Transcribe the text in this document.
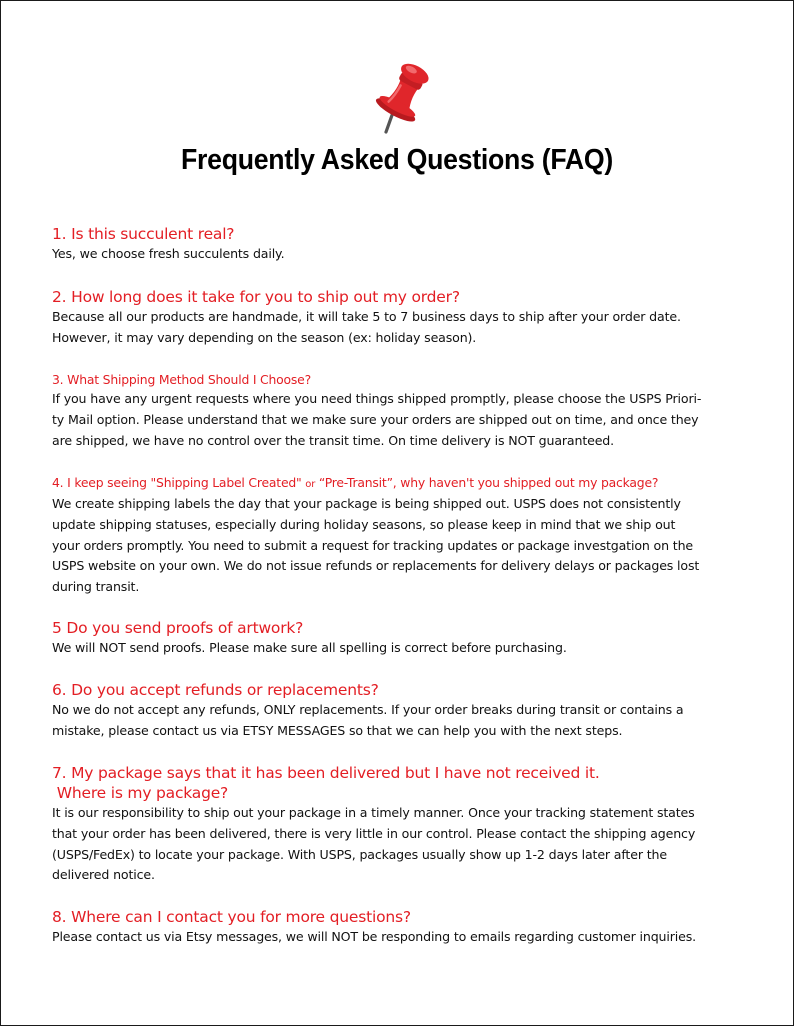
Frequently Asked Questions (FAQ)
1. Is this succulent real?
Yes, we choose fresh succulents daily.
2. How long does it take for you to ship out my order?
Because all our products are handmade, it will take 5 to 7 business days to ship after your order date.
However, it may vary depending on the season (ex: holiday season).
3. What Shipping Method Should I Choose?
If you have any urgent requests where you need things shipped promptly, please choose the USPS Priori-
ty Mail option. Please understand that we make sure your orders are shipped out on time, and once they
are shipped, we have no control over the transit time. On time delivery is NOT guaranteed.
4. I keep seeing "Shipping Label Created" or “Pre-Transit”, why haven't you shipped out my package?
We create shipping labels the day that your package is being shipped out. USPS does not consistently
update shipping statuses, especially during holiday seasons, so please keep in mind that we ship out
your orders promptly. You need to submit a request for tracking updates or package investgation on the
USPS website on your own. We do not issue refunds or replacements for delivery delays or packages lost
during transit.
5 Do you send proofs of artwork?
We will NOT send proofs. Please make sure all spelling is correct before purchasing.
6. Do you accept refunds or replacements?
No we do not accept any refunds, ONLY replacements. If your order breaks during transit or contains a
mistake, please contact us via ETSY MESSAGES so that we can help you with the next steps.
7. My package says that it has been delivered but I have not received it.
Where is my package?
It is our responsibility to ship out your package in a timely manner. Once your tracking statement states
that your order has been delivered, there is very little in our control. Please contact the shipping agency
(USPS/FedEx) to locate your package. With USPS, packages usually show up 1-2 days later after the
delivered notice.
8. Where can I contact you for more questions?
Please contact us via Etsy messages, we will NOT be responding to emails regarding customer inquiries.
